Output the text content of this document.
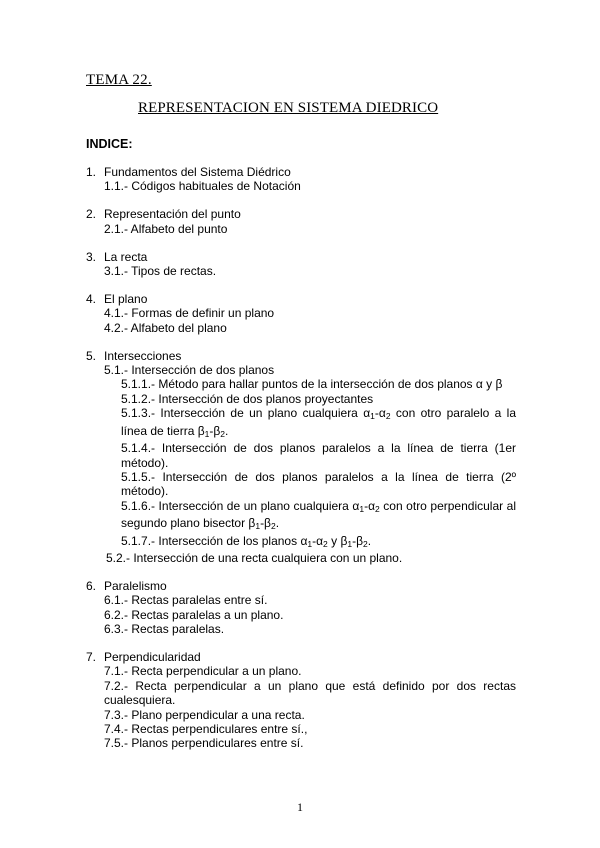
TEMA 22.
REPRESENTACION EN SISTEMA DIEDRICO
INDICE:
1. Fundamentos del Sistema Diédrico
1.1.- Códigos habituales de Notación
2. Representación del punto
2.1.- Alfabeto del punto
3. La recta
3.1.- Tipos de rectas.
4. El plano
4.1.- Formas de definir un plano
4.2.- Alfabeto del plano
5. Intersecciones
5.1.- Intersección de dos planos
5.1.1.- Método para hallar puntos de la intersección de dos planos α y β
5.1.2.- Intersección de dos planos proyectantes
5.1.3.- Intersección de un plano cualquiera $\alpha_1-\alpha_2$ con otro paralelo a la línea de tierra $\beta_1-\beta_2$.
5.1.4.- Intersección de dos planos paralelos a la línea de tierra (1er método).
5.1.5.- Intersección de dos planos paralelos a la línea de tierra (2º método).
5.1.6.- Intersección de un plano cualquiera $\alpha_1-\alpha_2$ con otro perpendicular al segundo plano bisector $\beta_1-\beta_2$.
5.1.7.- Intersección de los planos $\alpha_1-\alpha_2$ y $\beta_1-\beta_2$.
5.2.- Intersección de una recta cualquiera con un plano.
6. Paralelismo
6.1.- Rectas paralelas entre sí.
6.2.- Rectas paralelas a un plano.
6.3.- Rectas paralelas.
7. Perpendicularidad
7.1.- Recta perpendicular a un plano.
7.2.- Recta perpendicular a un plano que está definido por dos rectas cualesquiera.
7.3.- Plano perpendicular a una recta.
7.4.- Rectas perpendiculares entre sí.,
7.5.- Planos perpendiculares entre sí.
1
